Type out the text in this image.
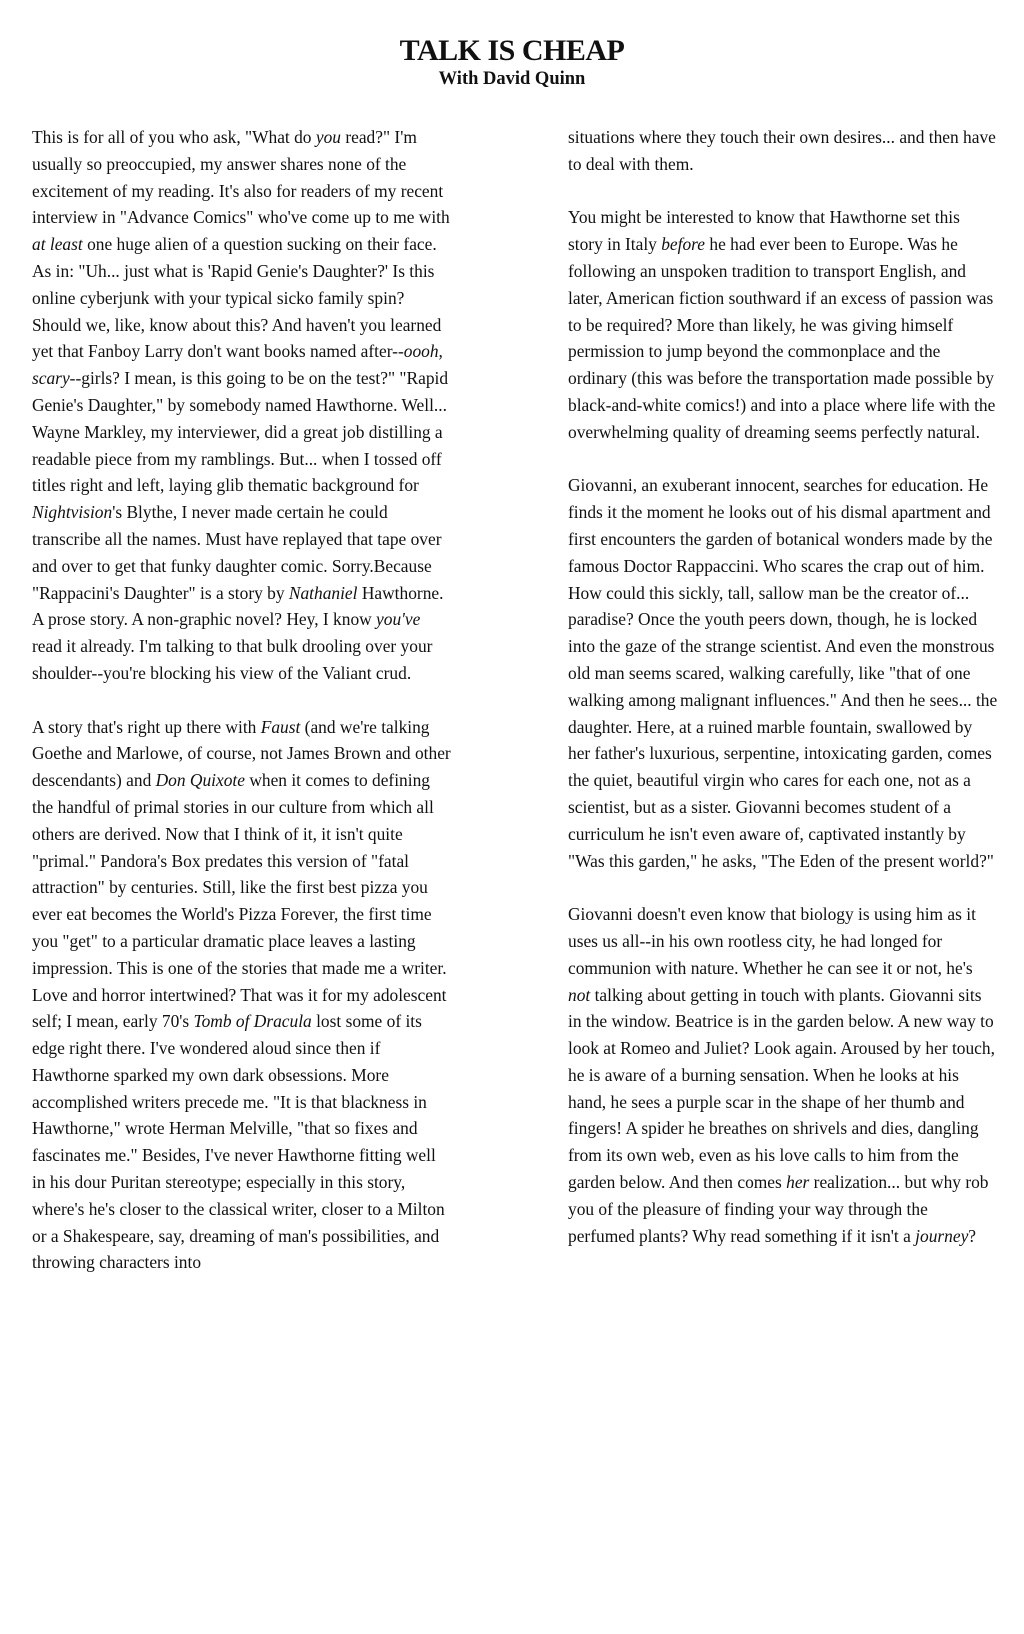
TALK IS CHEAP
With David Quinn

This is for all of you who ask, "What do you read?" I'm usually so preoccupied, my answer shares none of the excitement of my reading. It's also for readers of my recent interview in "Advance Comics" who've come up to me with at least one huge alien of a question sucking on their face. As in: "Uh... just what is 'Rapid Genie's Daughter?' Is this online cyberjunk with your typical sicko family spin? Should we, like, know about this? And haven't you learned yet that Fanboy Larry don't want books named after--oooh, scary--girls? I mean, is this going to be on the test?" "Rapid Genie's Daughter," by somebody named Hawthorne. Well... Wayne Markley, my interviewer, did a great job distilling a readable piece from my ramblings. But... when I tossed off titles right and left, laying glib thematic background for Nightvision's Blythe, I never made certain he could transcribe all the names. Must have replayed that tape over and over to get that funky daughter comic. Sorry.Because "Rappacini's Daughter" is a story by Nathaniel Hawthorne. A prose story. A non-graphic novel? Hey, I know you've read it already. I'm talking to that bulk drooling over your shoulder--you're blocking his view of the Valiant crud.

A story that's right up there with Faust (and we're talking Goethe and Marlowe, of course, not James Brown and other descendants) and Don Quixote when it comes to defining the handful of primal stories in our culture from which all others are derived. Now that I think of it, it isn't quite "primal." Pandora's Box predates this version of "fatal attraction" by centuries. Still, like the first best pizza you ever eat becomes the World's Pizza Forever, the first time you "get" to a particular dramatic place leaves a lasting impression. This is one of the stories that made me a writer. Love and horror intertwined? That was it for my adolescent self; I mean, early 70's Tomb of Dracula lost some of its edge right there. I've wondered aloud since then if Hawthorne sparked my own dark obsessions. More accomplished writers precede me. "It is that blackness in Hawthorne," wrote Herman Melville, "that so fixes and fascinates me." Besides, I've never Hawthorne fitting well in his dour Puritan stereotype; especially in this story, where's he's closer to the classical writer, closer to a Milton or a Shakespeare, say, dreaming of man's possibilities, and throwing characters into

situations where they touch their own desires... and then have to deal with them.

You might be interested to know that Hawthorne set this story in Italy before he had ever been to Europe. Was he following an unspoken tradition to transport English, and later, American fiction southward if an excess of passion was to be required? More than likely, he was giving himself permission to jump beyond the commonplace and the ordinary (this was before the transportation made possible by black-and-white comics!) and into a place where life with the overwhelming quality of dreaming seems perfectly natural.

Giovanni, an exuberant innocent, searches for education. He finds it the moment he looks out of his dismal apartment and first encounters the garden of botanical wonders made by the famous Doctor Rappaccini. Who scares the crap out of him. How could this sickly, tall, sallow man be the creator of... paradise? Once the youth peers down, though, he is locked into the gaze of the strange scientist. And even the monstrous old man seems scared, walking carefully, like "that of one walking among malignant influences." And then he sees... the daughter. Here, at a ruined marble fountain, swallowed by her father's luxurious, serpentine, intoxicating garden, comes the quiet, beautiful virgin who cares for each one, not as a scientist, but as a sister. Giovanni becomes student of a curriculum he isn't even aware of, captivated instantly by "Was this garden," he asks, "The Eden of the present world?"

Giovanni doesn't even know that biology is using him as it uses us all--in his own rootless city, he had longed for communion with nature. Whether he can see it or not, he's not talking about getting in touch with plants. Giovanni sits in the window. Beatrice is in the garden below. A new way to look at Romeo and Juliet? Look again. Aroused by her touch, he is aware of a burning sensation. When he looks at his hand, he sees a purple scar in the shape of her thumb and fingers! A spider he breathes on shrivels and dies, dangling from its own web, even as his love calls to him from the garden below. And then comes her realization... but why rob you of the pleasure of finding your way through the perfumed plants? Why read something if it isn't a journey?
